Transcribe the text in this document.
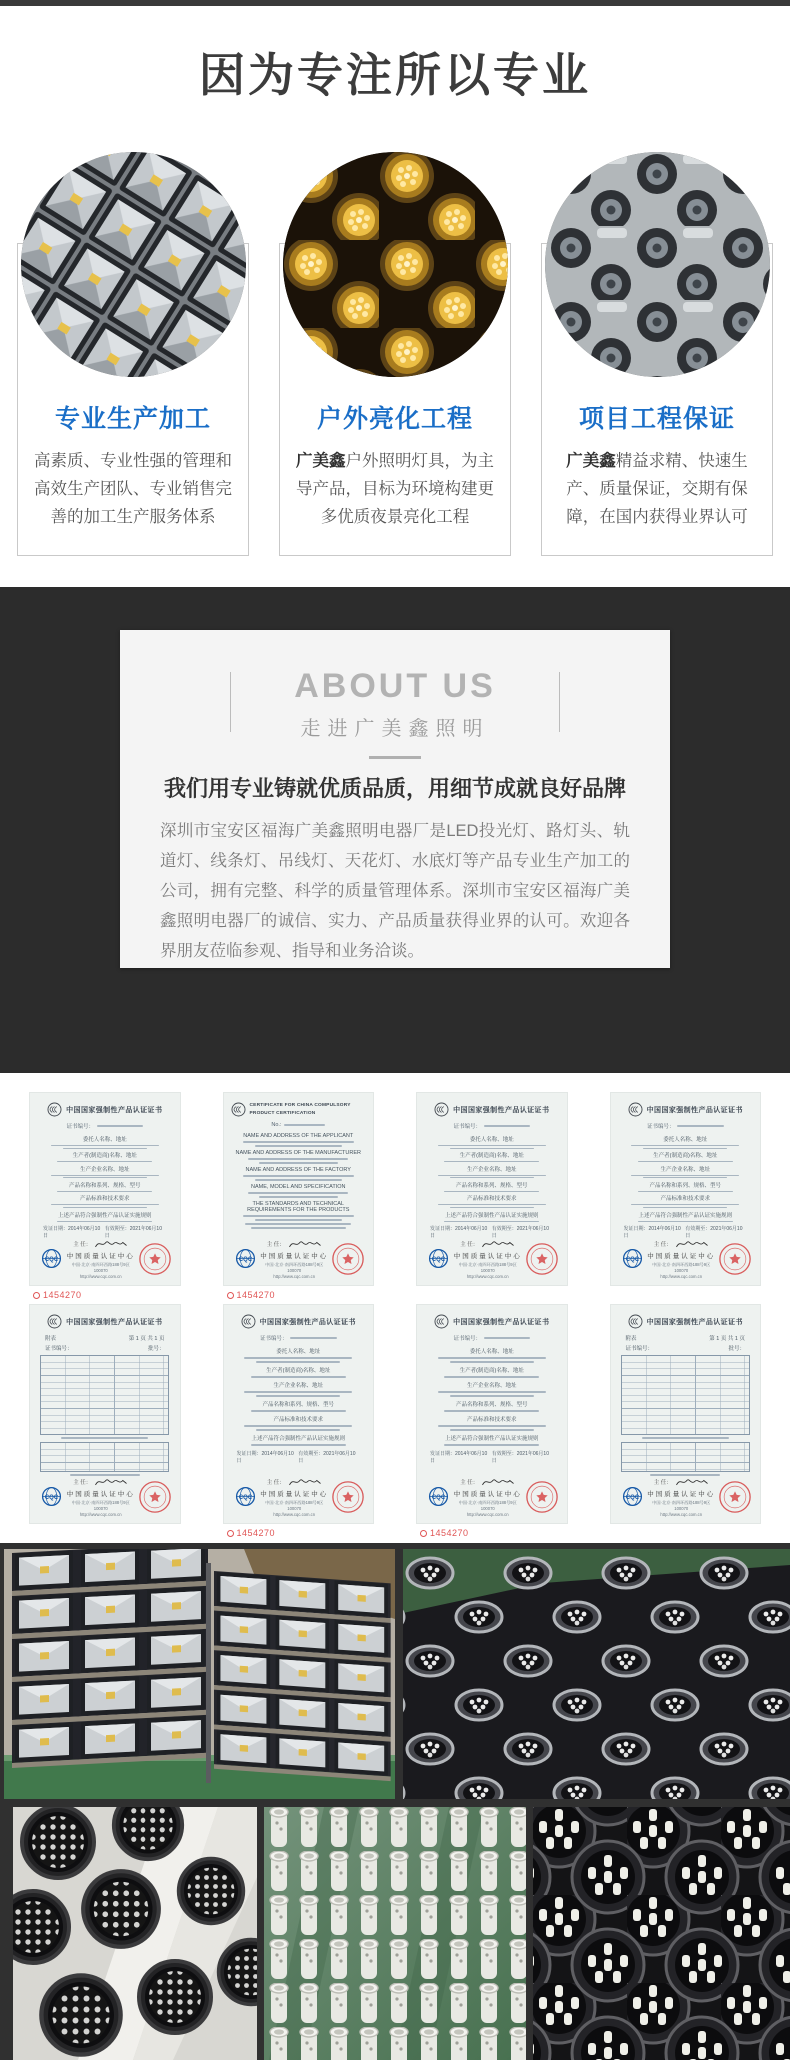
因为专注所以专业
专业生产加工

高素质、专业性强的管理和高效生产团队、专业销售完善的加工生产服务体系

户外亮化工程

广美鑫户外照明灯具，为主导产品，目标为环境构建更多优质夜景亮化工程

项目工程保证

广美鑫精益求精、快速生产、质量保证，交期有保障，在国内获得业界认可

ABOUT US
走进广美鑫照明
我们用专业铸就优质品质，用细节成就良好品牌

深圳市宝安区福海广美鑫照明电器厂是LED投光灯、路灯头、轨道灯、线条灯、吊线灯、天花灯、水底灯等产品专业生产加工的公司，拥有完整、科学的质量管理体系。深圳市宝安区福海广美鑫照明电器厂的诚信、实力、产品质量获得业界的认可。欢迎各界朋友莅临参观、指导和业务洽谈。

中国国家强制性产品认证证书
证书编号：
委托人名称、地址
生产者(制造商)名称、地址
生产企业名称、地址
产品名称和系列、规格、型号
产品标准和技术要求
上述产品符合强制性产品认证实施规则
发证日期：2014年06月10日
有效期至：2021年06月10日
CQC
主 任：
中国质量认证中心
中国·北京·南四环西路188号9区 100070
http://www.cqc.com.cn
CERTIFICATE FOR CHINA COMPULSORY PRODUCT CERTIFICATION
No.:
NAME AND ADDRESS OF THE APPLICANT
NAME AND ADDRESS OF THE MANUFACTURER
NAME AND ADDRESS OF THE FACTORY
NAME, MODEL AND SPECIFICATION
THE STANDARDS AND TECHNICAL REQUIREMENTS FOR THE PRODUCTS
CQC
主 任：
中国质量认证中心
中国·北京·南四环西路188号9区 100070
http://www.cqc.com.cn
中国国家强制性产品认证证书
证书编号：
委托人名称、地址
生产者(制造商)名称、地址
生产企业名称、地址
产品名称和系列、规格、型号
产品标准和技术要求
上述产品符合强制性产品认证实施规则
发证日期：2014年06月10日
有效期至：2021年06月10日
CQC
主 任：
中国质量认证中心
中国·北京·南四环西路188号9区 100070
http://www.cqc.com.cn
中国国家强制性产品认证证书
证书编号：
委托人名称、地址
生产者(制造商)名称、地址
生产企业名称、地址
产品名称和系列、规格、型号
产品标准和技术要求
上述产品符合强制性产品认证实施规则
发证日期：2014年06月10日
有效期至：2021年06月10日
CQC
主 任：
中国质量认证中心
中国·北京·南四环西路188号9区 100070
http://www.cqc.com.cn
1454270	1454270
中国国家强制性产品认证证书
附表	第 1 页 共 1 页
证书编号：	批号：
CQC
主 任：
中国质量认证中心
中国·北京·南四环西路188号9区 100070
http://www.cqc.com.cn
中国国家强制性产品认证证书
证书编号：
委托人名称、地址
生产者(制造商)名称、地址
生产企业名称、地址
产品名称和系列、规格、型号
产品标准和技术要求
上述产品符合强制性产品认证实施规则
发证日期：2014年06月10日
有效期至：2021年06月10日
CQC
主 任：
中国质量认证中心
中国·北京·南四环西路188号9区 100070
http://www.cqc.com.cn
中国国家强制性产品认证证书
证书编号：
委托人名称、地址
生产者(制造商)名称、地址
生产企业名称、地址
产品名称和系列、规格、型号
产品标准和技术要求
上述产品符合强制性产品认证实施规则
发证日期：2014年06月10日
有效期至：2021年06月10日
CQC
主 任：
中国质量认证中心
中国·北京·南四环西路188号9区 100070
http://www.cqc.com.cn
中国国家强制性产品认证证书
附表	第 1 页 共 1 页
证书编号：	批号：
CQC
主 任：
中国质量认证中心
中国·北京·南四环西路188号9区 100070
http://www.cqc.com.cn
1454270	1454270
